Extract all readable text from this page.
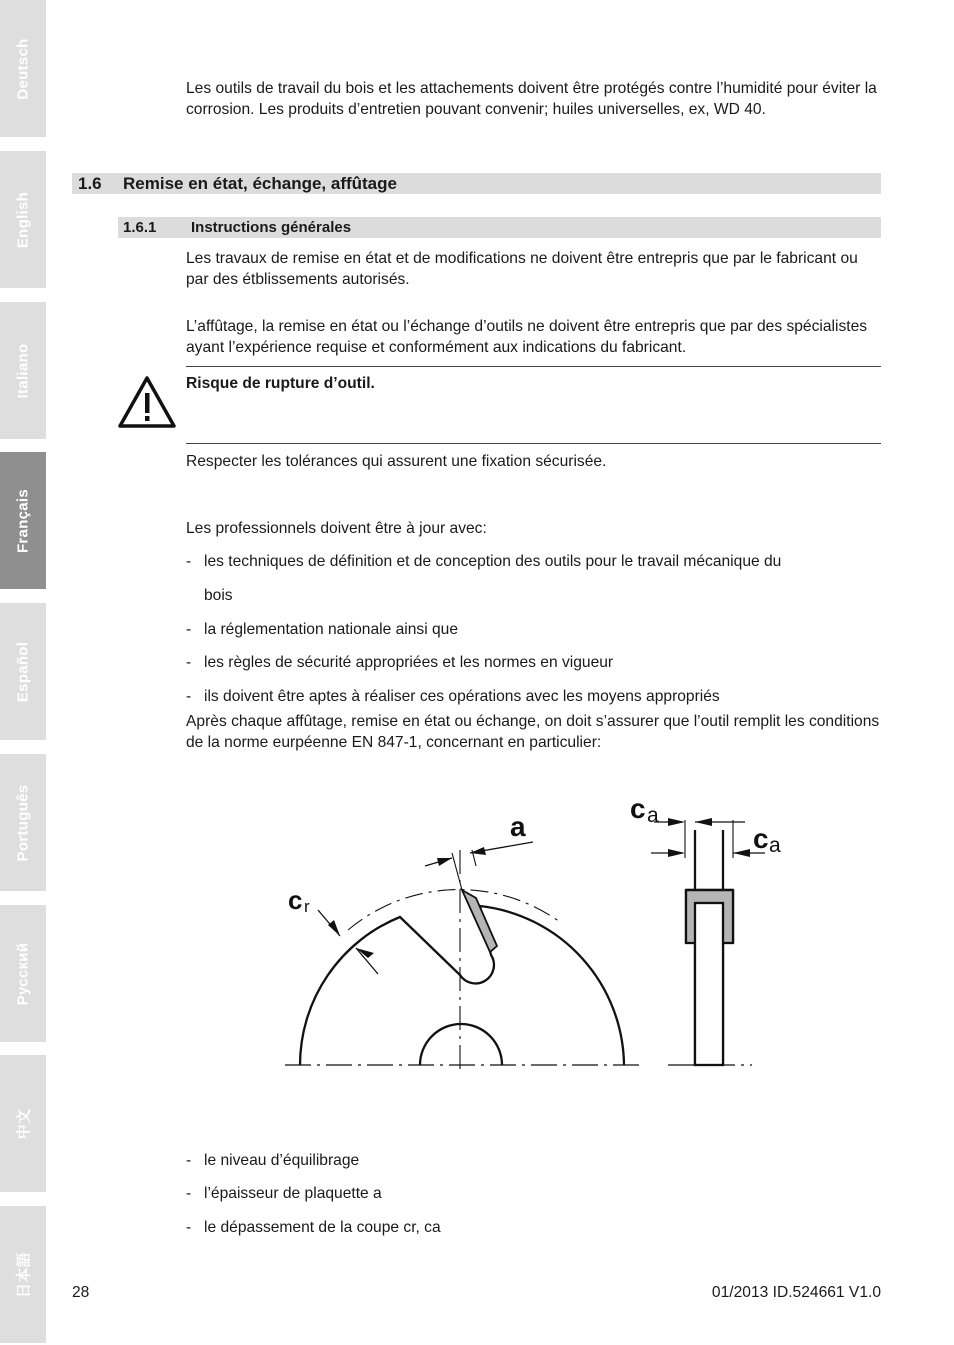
Deutsch
English
Italiano
Français
Español
Português
Русский
中文
日本語

Les outils de travail du bois et les attachements doivent être protégés contre l’humidité pour éviter la corrosion. Les produits d’entretien pouvant convenir; huiles universelles, ex, WD 40.

1.6 Remise en état, échange, affûtage
1.6.1 Instructions générales

Les travaux de remise en état et de modifications ne doivent être entrepris que par le fabricant ou par des étblissements autorisés.

L’affûtage, la remise en état ou l’échange d’outils ne doivent être entrepris que par des spécialistes ayant l’expérience requise et conformément aux indications du fabricant.

Risque de rupture d’outil.

Respecter les tolérances qui assurent une fixation sécurisée.

Les professionnels doivent être à jour avec:

- les techniques de définition et de conception des outils pour le travail mécanique du
bois
- la réglementation nationale ainsi que
- les règles de sécurité appropriées et les normes en vigueur
- ils doivent être aptes à réaliser ces opérations avec les moyens appropriés

Après chaque affûtage, remise en état ou échange, on doit s’assurer que l’outil remplit les conditions de la norme eurpéenne EN 847-1, concernant en particulier:

a
c r
c a
c a
- le niveau d’équilibrage
- l’épaisseur de plaquette a
- le dépassement de la coupe cr, ca
28	01/2013 ID.524661 V1.0
